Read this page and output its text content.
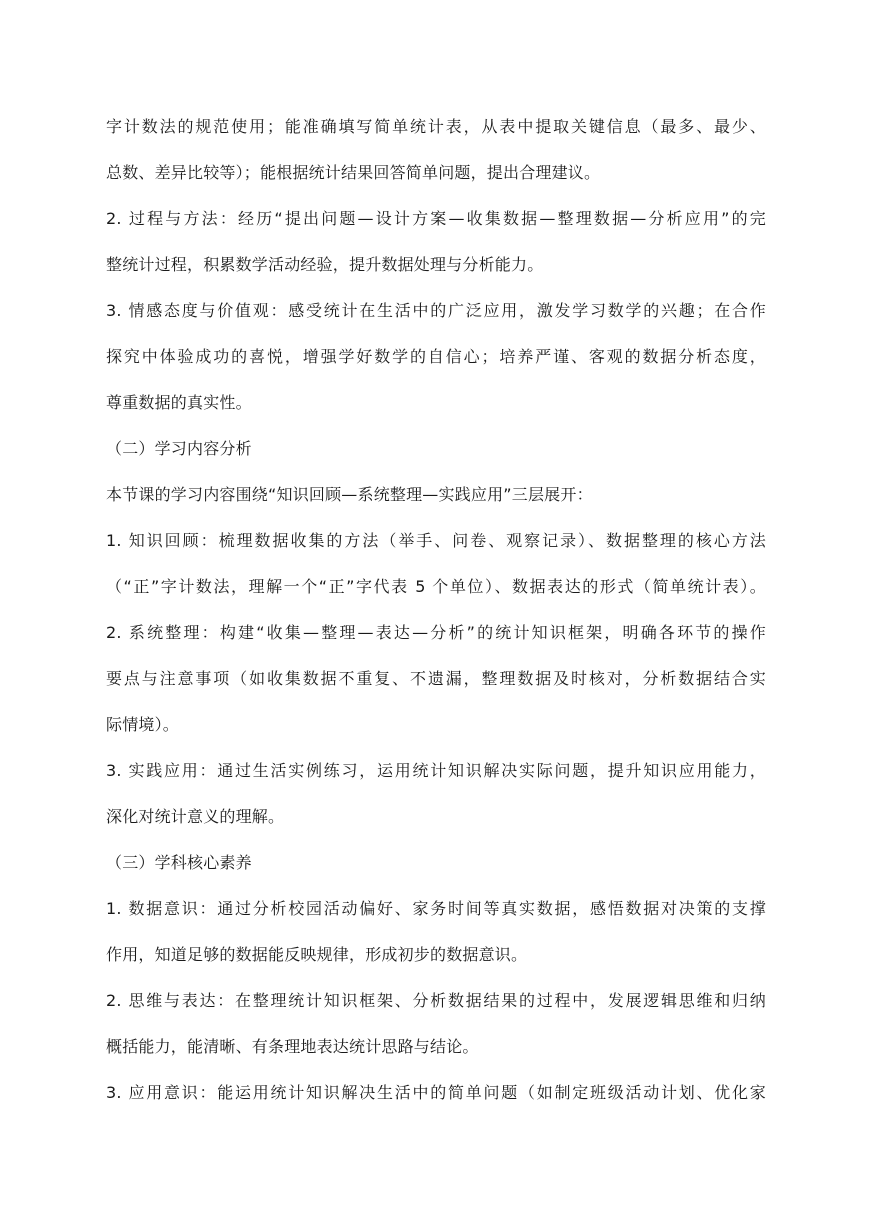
字计数法的规范使用；能准确填写简单统计表，从表中提取关键信息（最多、最少、
总数、差异比较等）；能根据统计结果回答简单问题，提出合理建议。
2. 过程与方法：经历“提出问题—设计方案—收集数据—整理数据—分析应用”的完
整统计过程，积累数学活动经验，提升数据处理与分析能力。
3. 情感态度与价值观：感受统计在生活中的广泛应用，激发学习数学的兴趣；在合作
探究中体验成功的喜悦，增强学好数学的自信心；培养严谨、客观的数据分析态度，
尊重数据的真实性。
（二）学习内容分析
本节课的学习内容围绕“知识回顾—系统整理—实践应用”三层展开：
1. 知识回顾：梳理数据收集的方法（举手、问卷、观察记录）、数据整理的核心方法
（“正”字计数法，理解一个“正”字代表 5 个单位）、数据表达的形式（简单统计表）。
2. 系统整理：构建“收集—整理—表达—分析”的统计知识框架，明确各环节的操作
要点与注意事项（如收集数据不重复、不遗漏，整理数据及时核对，分析数据结合实
际情境）。
3. 实践应用：通过生活实例练习，运用统计知识解决实际问题，提升知识应用能力，
深化对统计意义的理解。
（三）学科核心素养
1. 数据意识：通过分析校园活动偏好、家务时间等真实数据，感悟数据对决策的支撑
作用，知道足够的数据能反映规律，形成初步的数据意识。
2. 思维与表达：在整理统计知识框架、分析数据结果的过程中，发展逻辑思维和归纳
概括能力，能清晰、有条理地表达统计思路与结论。
3. 应用意识：能运用统计知识解决生活中的简单问题（如制定班级活动计划、优化家
